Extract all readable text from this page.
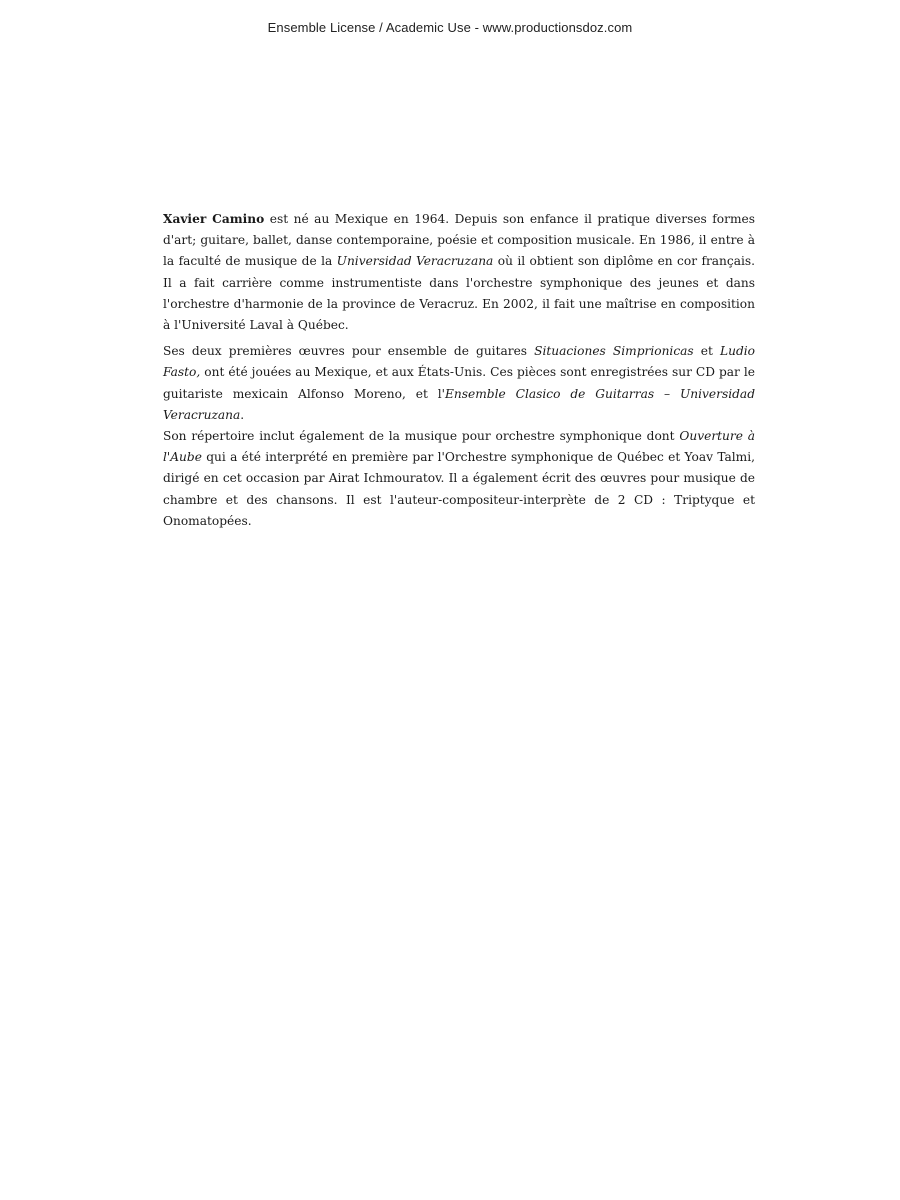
Ensemble License / Academic Use - www.productionsdoz.com

Xavier Camino est né au Mexique en 1964. Depuis son enfance il pratique diverses formes d'art; guitare, ballet, danse contemporaine, poésie et composition musicale. En 1986, il entre à la faculté de musique de la Universidad Veracruzana où il obtient son diplôme en cor français. Il a fait carrière comme instrumentiste dans l'orchestre symphonique des jeunes et dans l'orchestre d'harmonie de la province de Veracruz. En 2002, il fait une maîtrise en composition à l'Université Laval à Québec.

Ses deux premières œuvres pour ensemble de guitares Situaciones Simprionicas et Ludio Fasto, ont été jouées au Mexique, et aux États-Unis. Ces pièces sont enregistrées sur CD par le guitariste mexicain Alfonso Moreno, et l'Ensemble Clasico de Guitarras – Universidad Veracruzana.

Son répertoire inclut également de la musique pour orchestre symphonique dont Ouverture à l'Aube qui a été interprété en première par l'Orchestre symphonique de Québec et Yoav Talmi, dirigé en cet occasion par Airat Ichmouratov. Il a également écrit des œuvres pour musique de chambre et des chansons. Il est l'auteur-compositeur-interprète de 2 CD : Triptyque et Onomatopées.
